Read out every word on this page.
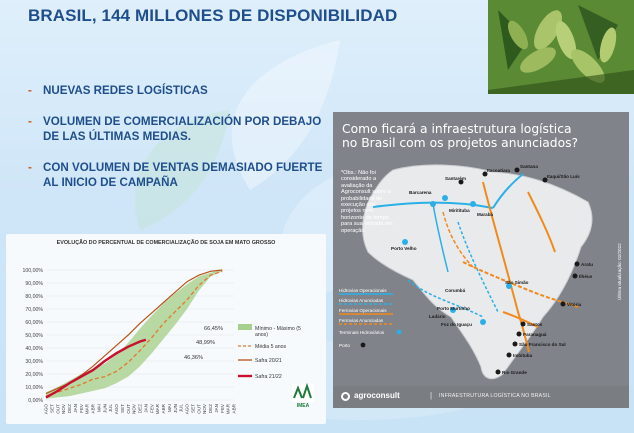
BRASIL, 144 MILLONES DE DISPONIBILIDAD
- NUEVAS REDES LOGÍSTICAS
- VOLUMEN DE COMERCIALIZACIÓN POR DEBAJO DE LAS ÚLTIMAS MEDIAS.
- CON VOLUMEN DE VENTAS DEMASIADO FUERTE AL INICIO DE CAMPAÑA
EVOLUÇÃO DO PERCENTUAL DE COMERCIALIZAÇÃO DE SOJA EM MATO GROSSO
0,00%
10,00%
20,00%
30,00%
40,00%
50,00%
60,00%
70,00%
80,00%
90,00%
100,00%
AGO SET OUT NOV DEZ JAN FEV MAR ABR MAI JUN JUL AGO SET OUT NOV DEZ JAN FEV MAR ABR MAI JUN JUL AGO SET OUT NOV DEZ JAN FEV MAR ABR
66,45%
48,99%
46,36%
Mínimo - Máximo (5 anos)
Média 5 anos
Safra 20/21
Safra 21/22
IMEA
Santana
Itacoatiara
Santarém
Barcarena
Itaqui/São Luís
Miritituba
Marabá
Porto Velho
Aratu
Ilhéus
Vitória
Santos
Paranaguá
São Francisco do Sul
Imbituba
Rio Grande
Porto Murtinho
Corumbá
Foz do Iguaçu
São Simão
Ladário
Hidrovias Operacionais
Hidrovias Anunciadas
Ferrovias Operacionais
Ferrovias Anunciadas
Terminais Hidroviários
Porto
Como ficará a infraestrutura logística
no Brasil com os projetos anunciados?
*Obs.: Não foi considerado a avaliação da Agroconsult sobre a probabilidade de execução dos projetos nem horizonte de tempo para sua entrada em operação.
Última atualização: 02/2022
agroconsult	| INFRAESTRUTURA LOGÍSTICA NO BRASIL
